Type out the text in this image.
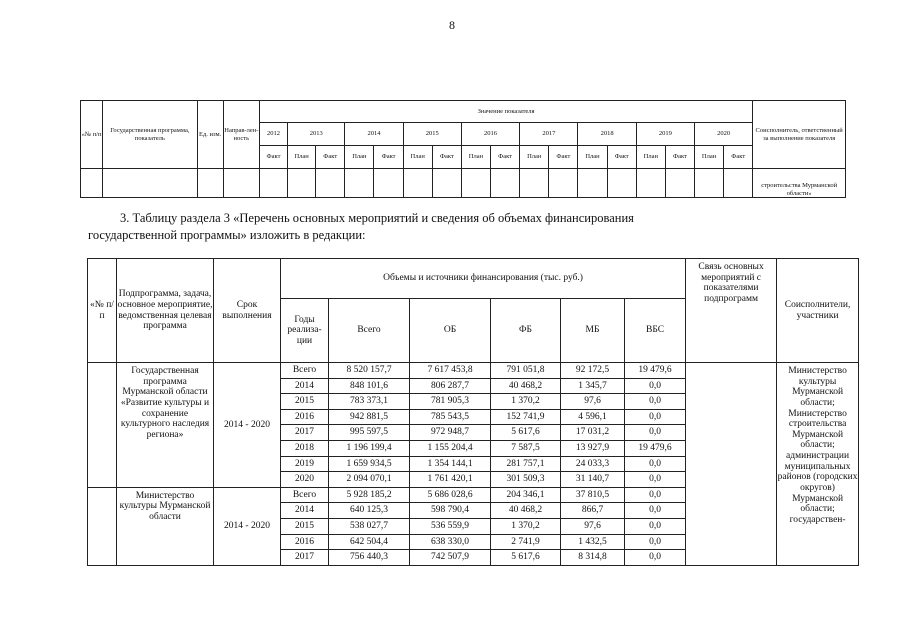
8
«№ п/п	Государственная программа, показатель	Ед. изм.	Направ-лен-ность	Значение показателя																	Соисполнитель, ответственный за выполнение показателя
				2012	2013		2014		2015		2016		2017		2018		2019		2020		
				Факт	План	Факт	План	Факт	План	Факт	План	Факт	План	Факт	План	Факт	План	Факт	План	Факт	
																					строительства Мурманской области»
3. Таблицу раздела 3 «Перечень основных мероприятий и сведения об объемах финансирования
государственной программы» изложить в редакции:
«№ п/п	Подпрограмма, задача, основное мероприятие, ведомственная целевая программа	Срок выполнения	Объемы и источники финансирования (тыс. руб.)						Связь основных мероприятий с показателями подпрограмм	Соисполнители, участники
			Годы реализа-ции	Всего	ОБ	ФБ	МБ	ВБС		
	Государственная программа Мурманской области «Развитие культуры и сохранение культурного наследия региона»	2014 - 2020	Всего	8 520 157,7	7 617 453,8	791 051,8	92 172,5	19 479,6		Министерство культуры Мурманской области; Министерство строительства Мурманской области; администрации муниципальных районов (городских округов) Мурманской области; государствен-

			2014	848 101,6	806 287,7	40 468,2	1 345,7	0,0		
			2015	783 373,1	781 905,3	1 370,2	97,6	0,0		
			2016	942 881,5	785 543,5	152 741,9	4 596,1	0,0		
			2017	995 597,5	972 948,7	5 617,6	17 031,2	0,0		
			2018	1 196 199,4	1 155 204,4	7 587,5	13 927,9	19 479,6		
			2019	1 659 934,5	1 354 144,1	281 757,1	24 033,3	0,0		
			2020	2 094 070,1	1 761 420,1	301 509,3	31 140,7	0,0		
	Министерство культуры Мурманской области	2014 - 2020	Всего	5 928 185,2	5 686 028,6	204 346,1	37 810,5	0,0		
			2014	640 125,3	598 790,4	40 468,2	866,7	0,0		
			2015	538 027,7	536 559,9	1 370,2	97,6	0,0		
			2016	642 504,4	638 330,0	2 741,9	1 432,5	0,0		
			2017	756 440,3	742 507,9	5 617,6	8 314,8	0,0		
